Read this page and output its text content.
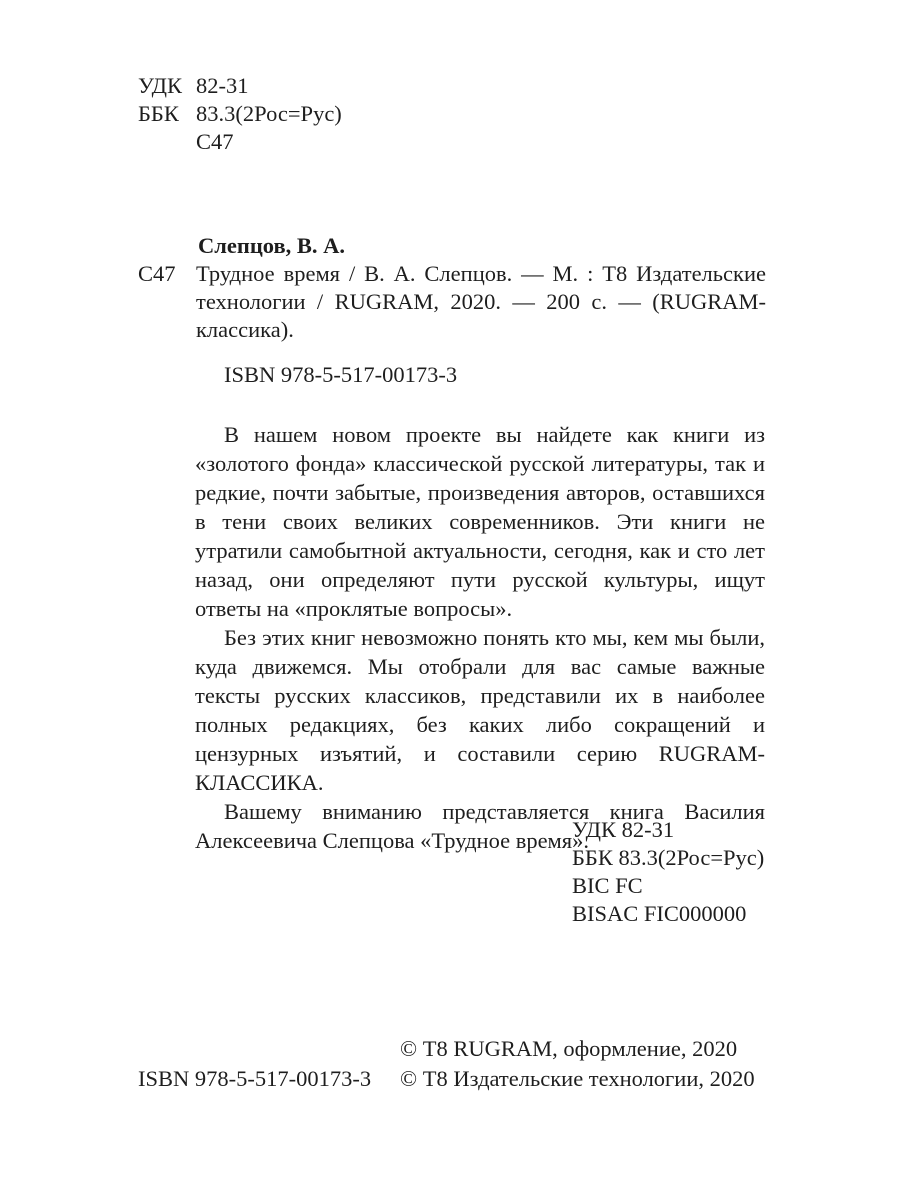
УДК 82-31
ББК 83.3(2Рос=Рус)
С47
Слепцов, В. А.
С47 Трудное время / В. А. Слепцов. — М. : Т8 Издательские технологии / RUGRAM, 2020. — 200 с. — (RUGRAM-классика).
ISBN 978-5-517-00173-3

В нашем новом проекте вы найдете как книги из «золотого фонда» классической русской литературы, так и редкие, почти забытые, произведения авторов, оставшихся в тени своих великих современников. Эти книги не утратили самобытной актуальности, сегодня, как и сто лет назад, они определяют пути русской культуры, ищут ответы на «проклятые вопросы».

Без этих книг невозможно понять кто мы, кем мы были, куда движемся. Мы отобрали для вас самые важные тексты русских классиков, представили их в наиболее полных редакциях, без каких либо сокращений и цензурных изъятий, и составили серию RUGRAM-КЛАССИКА.

Вашему вниманию представляется книга Василия Алексеевича Слепцова «Трудное время».

УДК 82-31
ББК 83.3(2Рос=Рус)
BIC FC
BISAC FIC000000
© Т8 RUGRAM, оформление, 2020
ISBN 978-5-517-00173-3	© Т8 Издательские технологии, 2020
